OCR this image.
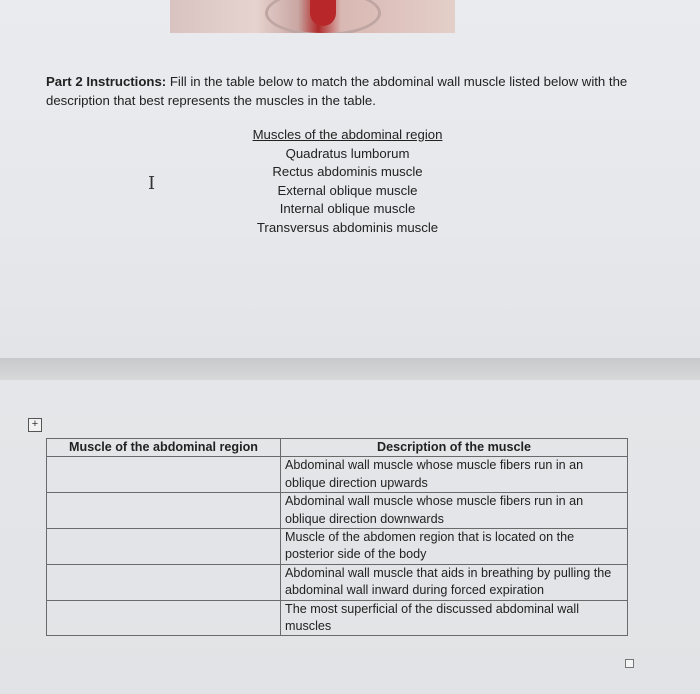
Part 2 Instructions: Fill in the table below to match the abdominal wall muscle listed below with the description that best represents the muscles in the table.
Muscles of the abdominal region
Quadratus lumborum
Rectus abdominis muscle
External oblique muscle
Internal oblique muscle
Transversus abdominis muscle
I
+
Muscle of the abdominal region	Description of the muscle
	Abdominal wall muscle whose muscle fibers run in an oblique direction upwards
	Abdominal wall muscle whose muscle fibers run in an oblique direction downwards
	Muscle of the abdomen region that is located on the posterior side of the body
	Abdominal wall muscle that aids in breathing by pulling the abdominal wall inward during forced expiration
	The most superficial of the discussed abdominal wall muscles
